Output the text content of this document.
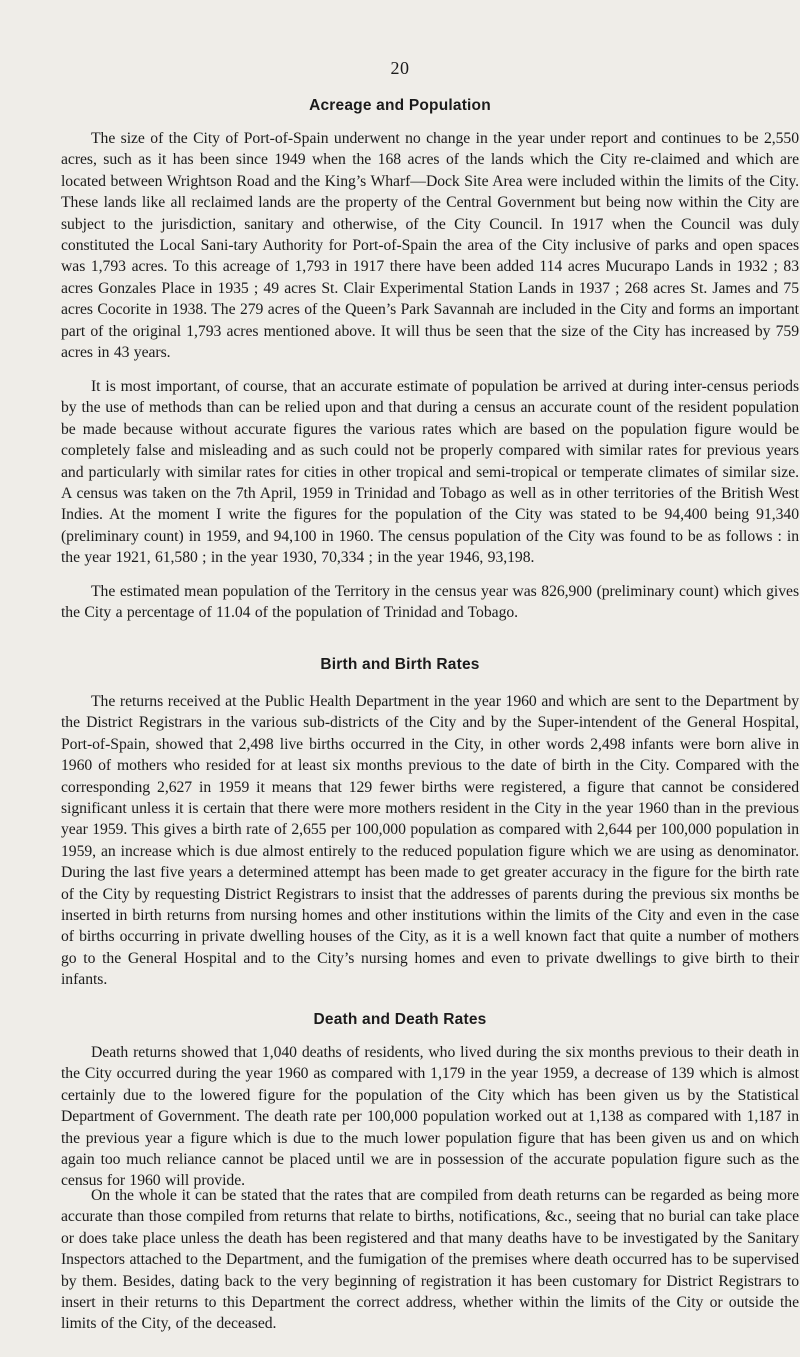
20
Acreage and Population

The size of the City of Port-of-Spain underwent no change in the year under report and continues to be 2,550 acres, such as it has been since 1949 when the 168 acres of the lands which the City re-claimed and which are located between Wrightson Road and the King’s Wharf—Dock Site Area were included within the limits of the City. These lands like all reclaimed lands are the property of the Central Government but being now within the City are subject to the jurisdiction, sanitary and otherwise, of the City Council. In 1917 when the Council was duly constituted the Local Sani-tary Authority for Port-of-Spain the area of the City inclusive of parks and open spaces was 1,793 acres. To this acreage of 1,793 in 1917 there have been added 114 acres Mucurapo Lands in 1932 ; 83 acres Gonzales Place in 1935 ; 49 acres St. Clair Experimental Station Lands in 1937 ; 268 acres St. James and 75 acres Cocorite in 1938. The 279 acres of the Queen’s Park Savannah are included in the City and forms an important part of the original 1,793 acres mentioned above. It will thus be seen that the size of the City has increased by 759 acres in 43 years.

It is most important, of course, that an accurate estimate of population be arrived at during inter-census periods by the use of methods than can be relied upon and that during a census an accurate count of the resident population be made because without accurate figures the various rates which are based on the population figure would be completely false and misleading and as such could not be properly compared with similar rates for previous years and particularly with similar rates for cities in other tropical and semi-tropical or temperate climates of similar size. A census was taken on the 7th April, 1959 in Trinidad and Tobago as well as in other territories of the British West Indies. At the moment I write the figures for the population of the City was stated to be 94,400 being 91,340 (preliminary count) in 1959, and 94,100 in 1960. The census population of the City was found to be as follows : in the year 1921, 61,580 ; in the year 1930, 70,334 ; in the year 1946, 93,198.

The estimated mean population of the Territory in the census year was 826,900 (preliminary count) which gives the City a percentage of 11.04 of the population of Trinidad and Tobago.

Birth and Birth Rates

The returns received at the Public Health Department in the year 1960 and which are sent to the Department by the District Registrars in the various sub-districts of the City and by the Super-intendent of the General Hospital, Port-of-Spain, showed that 2,498 live births occurred in the City, in other words 2,498 infants were born alive in 1960 of mothers who resided for at least six months previous to the date of birth in the City. Compared with the corresponding 2,627 in 1959 it means that 129 fewer births were registered, a figure that cannot be considered significant unless it is certain that there were more mothers resident in the City in the year 1960 than in the previous year 1959. This gives a birth rate of 2,655 per 100,000 population as compared with 2,644 per 100,000 population in 1959, an increase which is due almost entirely to the reduced population figure which we are using as denominator. During the last five years a determined attempt has been made to get greater accuracy in the figure for the birth rate of the City by requesting District Registrars to insist that the addresses of parents during the previous six months be inserted in birth returns from nursing homes and other institutions within the limits of the City and even in the case of births occurring in private dwelling houses of the City, as it is a well known fact that quite a number of mothers go to the General Hospital and to the City’s nursing homes and even to private dwellings to give birth to their infants.

Death and Death Rates

Death returns showed that 1,040 deaths of residents, who lived during the six months previous to their death in the City occurred during the year 1960 as compared with 1,179 in the year 1959, a decrease of 139 which is almost certainly due to the lowered figure for the population of the City which has been given us by the Statistical Department of Government. The death rate per 100,000 population worked out at 1,138 as compared with 1,187 in the previous year a figure which is due to the much lower population figure that has been given us and on which again too much reliance cannot be placed until we are in possession of the accurate population figure such as the census for 1960 will provide.

On the whole it can be stated that the rates that are compiled from death returns can be regarded as being more accurate than those compiled from returns that relate to births, notifications, &c., seeing that no burial can take place or does take place unless the death has been registered and that many deaths have to be investigated by the Sanitary Inspectors attached to the Department, and the fumigation of the premises where death occurred has to be supervised by them. Besides, dating back to the very beginning of registration it has been customary for District Registrars to insert in their returns to this Department the correct address, whether within the limits of the City or outside the limits of the City, of the deceased.
